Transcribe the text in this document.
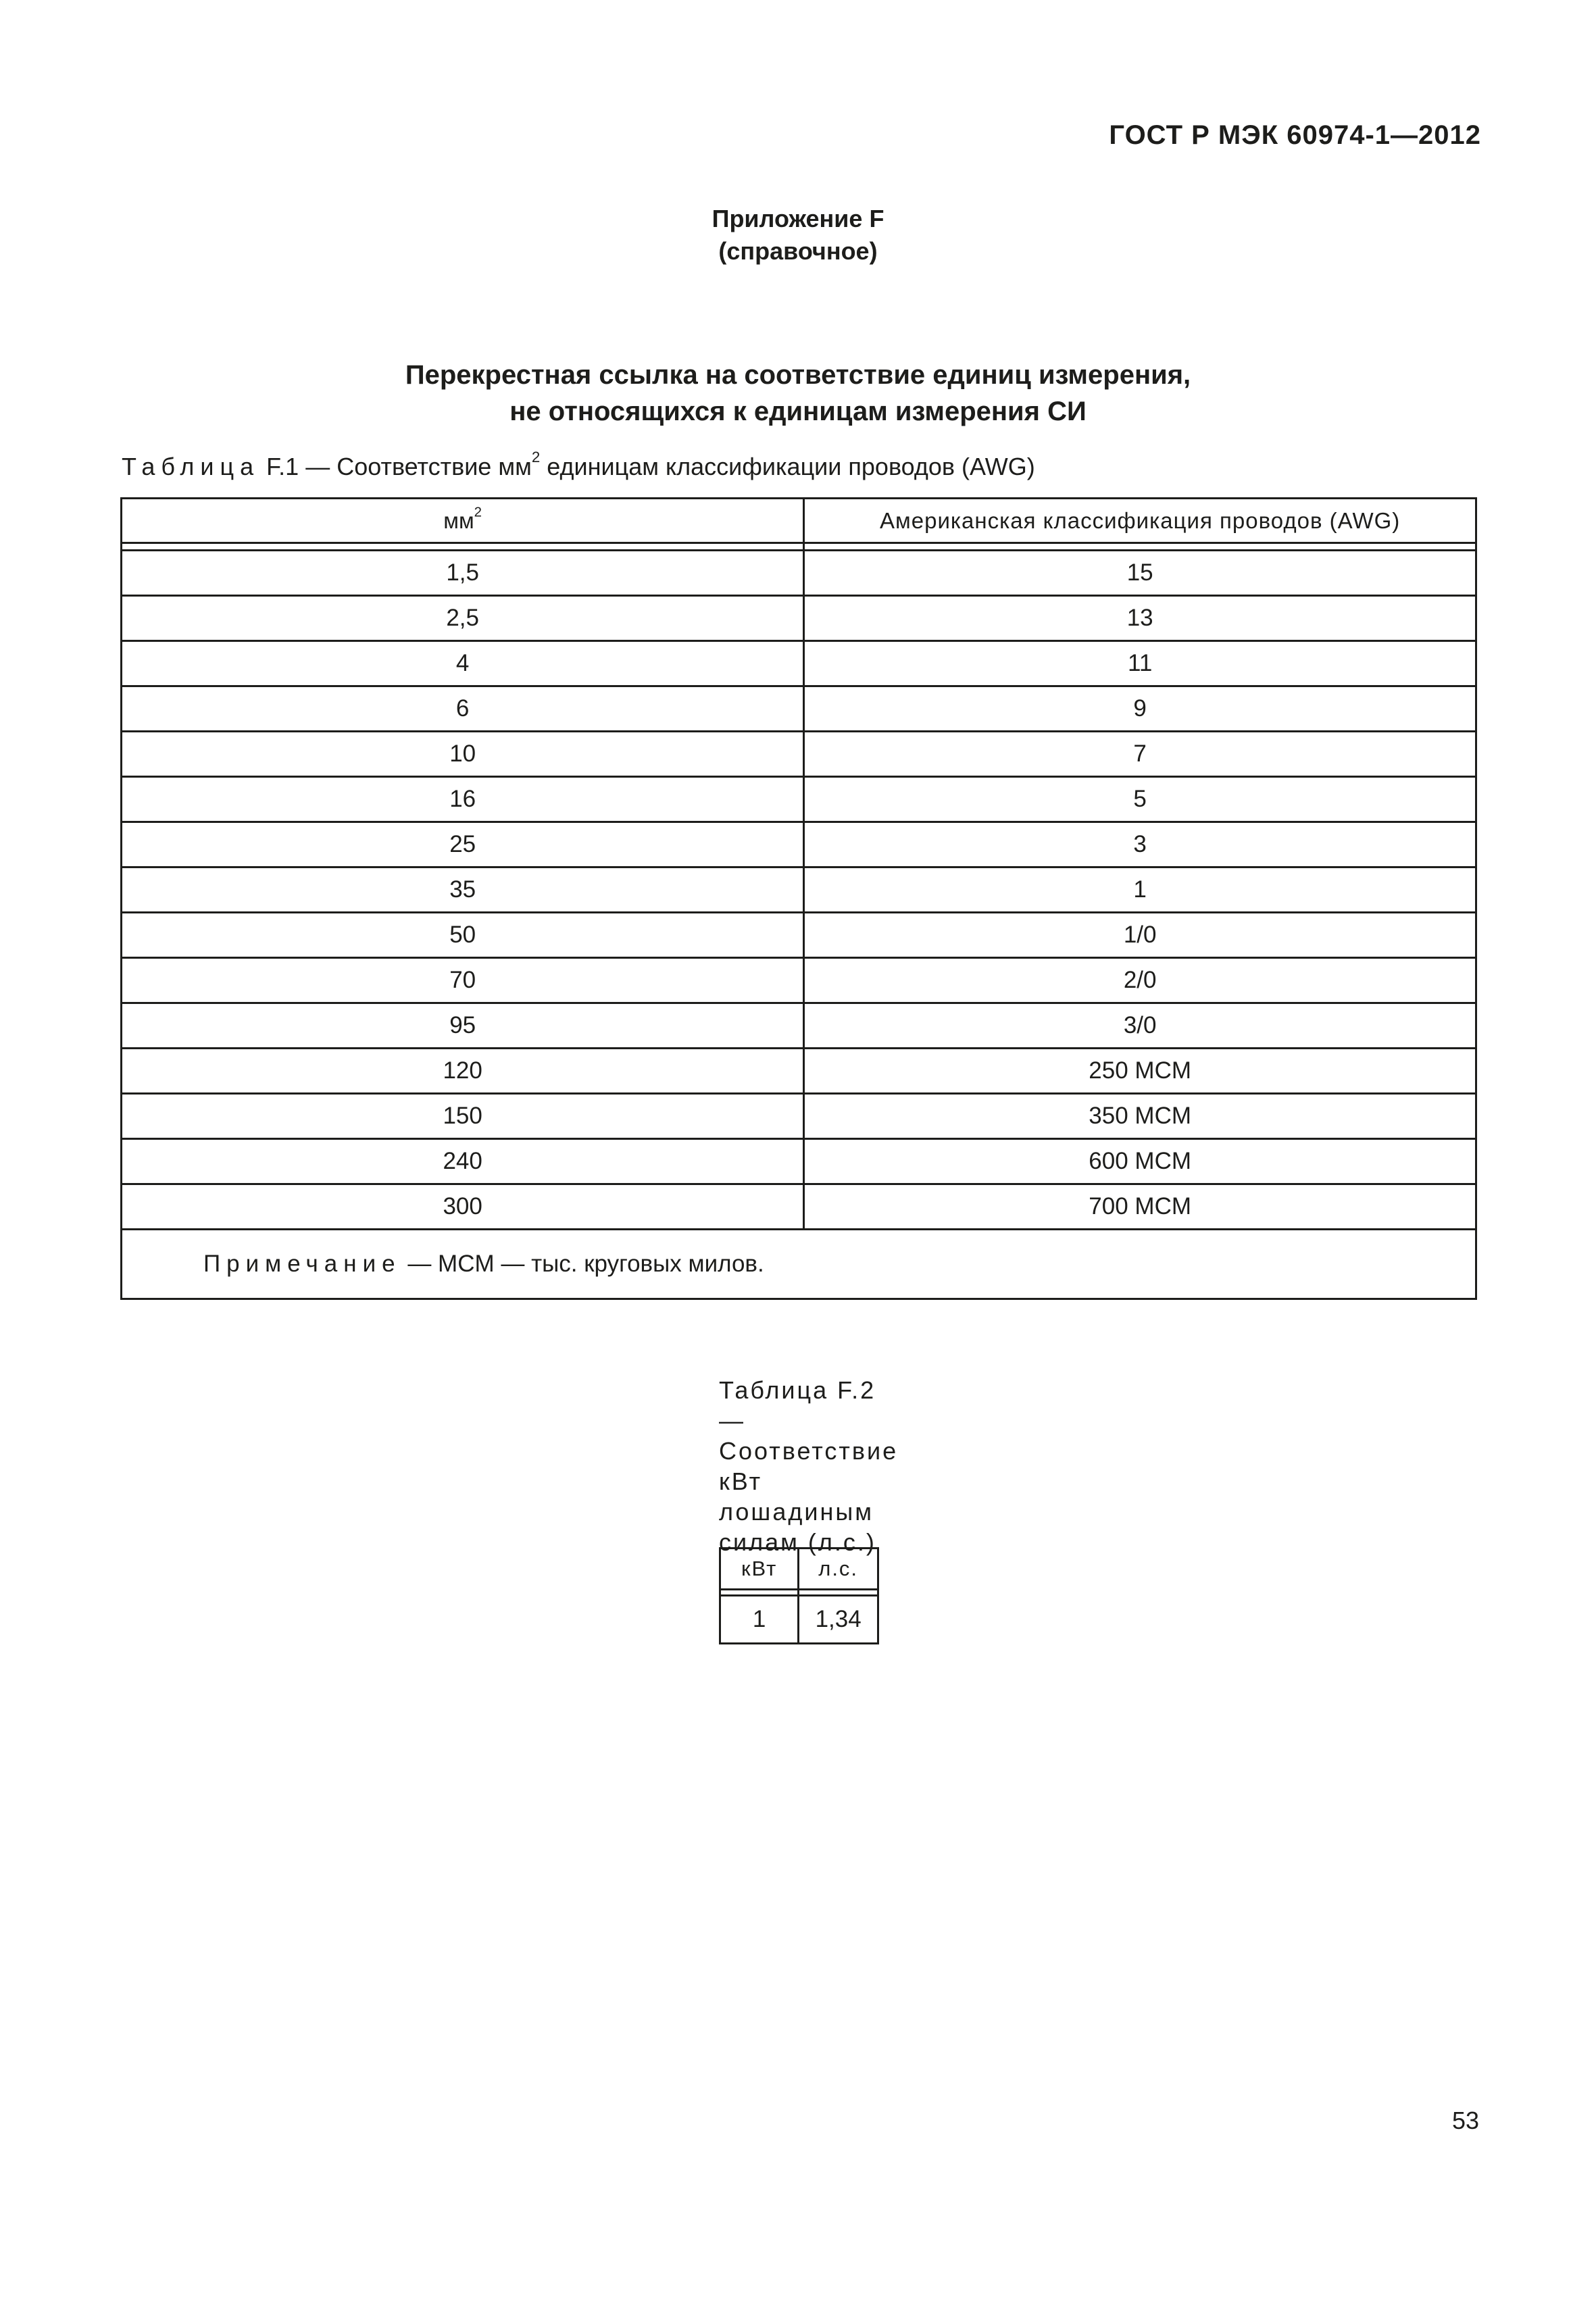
ГОСТ Р МЭК 60974-1—2012
Приложение F
(справочное)
Перекрестная ссылка на соответствие единиц измерения,
не относящихся к единицам измерения СИ
Таблица F.1 — Соответствие $мм^2$ единицам классификации проводов (AWG)
$мм^2$	Американская классификация проводов (AWG)

1,5	15
2,5	13
4	11
6	9
10	7
16	5
25	3
35	1
50	1/0
70	2/0
95	3/0
120	250 MCM
150	350 MCM
240	600 MCM
300	700 MCM
Примечание — MCM — тыс. круговых милов.	
Таблица F.2 — Соответствие кВт лошадиным силам (л.с.)
кВт	л.с.

1	1,34
53
